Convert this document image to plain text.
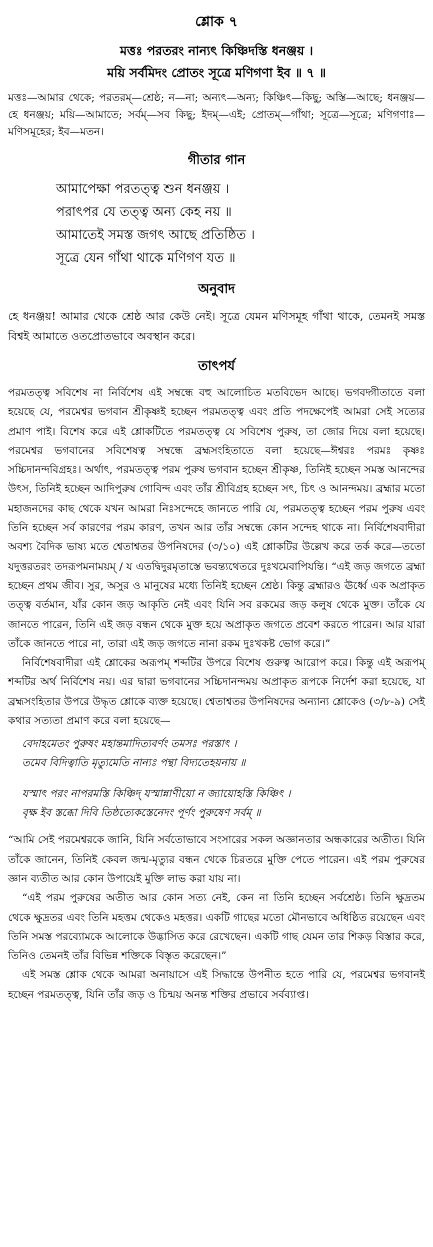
শ্লোক ৭
মত্তঃ পরতরং নান্যৎ কিঞ্চিদস্তি ধনঞ্জয় ।
ময়ি সর্বমিদং প্রোতং সূত্রে মণিগণা ইব ॥ ৭ ॥
মত্তঃ—আমার থেকে; পরতরম্—শ্রেষ্ঠ; ন—না; অন্যৎ—অন্য; কিঞ্চিৎ—কিছু; অস্তি—আছে; ধনঞ্জয়—হে ধনঞ্জয়; ময়ি—আমাতে; সর্বম্—সব কিছু; ইদম্—এই; প্রোতম্—গাঁথা; সূত্রে—সূত্রে; মণিগণাঃ—মণিসমূহের; ইব—মতন।
গীতার গান
আমাপেক্ষা পরতত্ত্ব শুন ধনঞ্জয় ।
পরাৎপর যে তত্ত্ব অন্য কেহ নয় ॥
আমাতেই সমস্ত জগৎ আছে প্রতিষ্ঠিত ।
সূত্রে যেন গাঁথা থাকে মণিগণ যত ॥
অনুবাদ
হে ধনঞ্জয়! আমার থেকে শ্রেষ্ঠ আর কেউ নেই। সূত্রে যেমন মণিসমূহ গাঁথা থাকে, তেমনই সমস্ত বিশ্বই আমাতে ওতপ্রোতভাবে অবস্থান করে।
তাৎপর্য

পরমতত্ত্ব সবিশেষ না নির্বিশেষ এই সম্বন্ধে বহু আলোচিত মতবিভেদ আছে। ভগবদ্গীতাতে বলা হয়েছে যে, পরমেশ্বর ভগবান শ্রীকৃষ্ণই হচ্ছেন পরমতত্ত্ব এবং প্রতি পদক্ষেপেই আমরা সেই সত্যের প্রমাণ পাই। বিশেষ করে এই শ্লোকটিতে পরমতত্ত্ব যে সবিশেষ পুরুষ, তা জোর দিয়ে বলা হয়েছে। পরমেশ্বর ভগবানের সবিশেষত্ব সম্বন্ধে ব্রহ্মসংহিতাতে বলা হয়েছে—ঈশ্বরঃ পরমঃ কৃষ্ণঃ সচ্চিদানন্দবিগ্রহঃ। অর্থাৎ, পরমতত্ত্ব পরম পুরুষ ভগবান হচ্ছেন শ্রীকৃষ্ণ, তিনিই হচ্ছেন সমস্ত আনন্দের উৎস, তিনিই হচ্ছেন আদিপুরুষ গোবিন্দ এবং তাঁর শ্রীবিগ্রহ হচ্ছেন সৎ, চিৎ ও আনন্দময়। ব্রহ্মার মতো মহাজনদের কাছ থেকে যখন আমরা নিঃসন্দেহে জানতে পারি যে, পরমতত্ত্ব হচ্ছেন পরম পুরুষ এবং তিনি হচ্ছেন সর্ব কারণের পরম কারণ, তখন আর তাঁর সম্বন্ধে কোন সন্দেহ থাকে না। নির্বিশেষবাদীরা অবশ্য বৈদিক ভাষ্য মতে শ্বেতাশ্বতর উপনিষদের (৩/১০) এই শ্লোকটির উল্লেখ করে তর্ক করে—ততো যদুত্তরতরং তদরূপমনাময়ম্ / য এতদ্বিদুরমৃতাস্তে ভবন্ত্যথেতরে দুঃখমেবাপিযন্তি। “এই জড় জগতে ব্রহ্মা হচ্ছেন প্রথম জীব। সুর, অসুর ও মানুষের মধ্যে তিনিই হচ্ছেন শ্রেষ্ঠ। কিন্তু ব্রহ্মারও ঊর্ধ্বে এক অপ্রাকৃত তত্ত্ব বর্তমান, যাঁর কোন জড় আকৃতি নেই এবং যিনি সব রকমের জড় কলুষ থেকে মুক্ত। তাঁকে যে জানতে পারেন, তিনি এই জড় বন্ধন থেকে মুক্ত হয়ে অপ্রাকৃত জগতে প্রবেশ করতে পারেন। আর যারা তাঁকে জানতে পারে না, তারা এই জড় জগতে নানা রকম দুঃখকষ্ট ভোগ করে।”

নির্বিশেষবাদীরা এই শ্লোকের অরূপম্ শব্দটির উপরে বিশেষ গুরুত্ব আরোপ করে। কিন্তু এই অরূপম্ শব্দটির অর্থ নির্বিশেষ নয়। এর দ্বারা ভগবানের সচ্চিদানন্দময় অপ্রাকৃত রূপকে নির্দেশ করা হয়েছে, যা ব্রহ্মসংহিতার উপরে উদ্ধৃত শ্লোকে ব্যক্ত হয়েছে। শ্বেতাশ্বতর উপনিষদের অন্যান্য শ্লোকেও (৩/৮-৯) সেই কথার সত্যতা প্রমাণ করে বলা হয়েছে—

বেদাহমেতং পুরুষং মহান্তমাদিত্যবর্ণং তমসঃ পরস্তাৎ ।
তমেব বিদিত্বাতি মৃত্যুমেতি নান্যঃ পন্থা বিদ্যতেহয়নায় ॥
যস্মাৎ পরং নাপরমস্তি কিঞ্চিদ্ যস্মান্নাণীয়ো ন জ্যায়োহস্তি কিঞ্চিৎ ।
বৃক্ষ ইব স্তব্ধো দিবি তিষ্ঠত্যেকস্তেনেদং পূর্ণং পুরুষেণ সর্বম্ ॥

“আমি সেই পরমেশ্বরকে জানি, যিনি সর্বতোভাবে সংসারের সকল অজ্ঞানতার অন্ধকারের অতীত। যিনি তাঁকে জানেন, তিনিই কেবল জন্ম-মৃত্যুর বন্ধন থেকে চিরতরে মুক্তি পেতে পারেন। এই পরম পুরুষের জ্ঞান ব্যতীত আর কোন উপায়েই মুক্তি লাভ করা যায় না।

“এই পরম পুরুষের অতীত আর কোন সত্য নেই, কেন না তিনি হচ্ছেন সর্বশ্রেষ্ঠ। তিনি ক্ষুদ্রতম থেকে ক্ষুদ্রতর এবং তিনি মহত্তম থেকেও মহত্তর। একটি গাছের মতো মৌনভাবে অধিষ্ঠিত রয়েছেন এবং তিনি সমস্ত পরব্যোমকে আলোকে উদ্ভাসিত করে রেখেছেন। একটি গাছ যেমন তার শিকড় বিস্তার করে, তিনিও তেমনই তাঁর বিভিন্ন শক্তিকে বিস্তৃত করেছেন।”

এই সমস্ত শ্লোক থেকে আমরা অনায়াসে এই সিদ্ধান্তে উপনীত হতে পারি যে, পরমেশ্বর ভগবানই হচ্ছেন পরমতত্ত্ব, যিনি তাঁর জড় ও চিন্ময় অনন্ত শক্তির প্রভাবে সর্বব্যাপ্ত।
